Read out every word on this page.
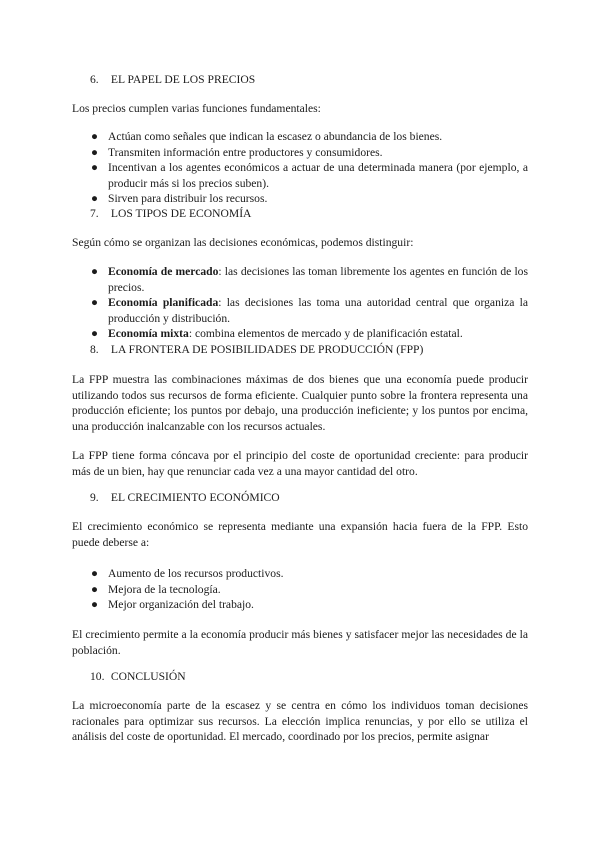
6. EL PAPEL DE LOS PRECIOS

Los precios cumplen varias funciones fundamentales:

● Actúan como señales que indican la escasez o abundancia de los bienes.
● Transmiten información entre productores y consumidores.
● Incentivan a los agentes económicos a actuar de una determinada manera (por ejemplo, a producir más si los precios suben).
● Sirven para distribuir los recursos.
7. LOS TIPOS DE ECONOMÍA

Según cómo se organizan las decisiones económicas, podemos distinguir:

● Economía de mercado: las decisiones las toman libremente los agentes en función de los precios.
● Economía planificada: las decisiones las toma una autoridad central que organiza la producción y distribución.
● Economía mixta: combina elementos de mercado y de planificación estatal.
8. LA FRONTERA DE POSIBILIDADES DE PRODUCCIÓN (FPP)

La FPP muestra las combinaciones máximas de dos bienes que una economía puede producir utilizando todos sus recursos de forma eficiente. Cualquier punto sobre la frontera representa una producción eficiente; los puntos por debajo, una producción ineficiente; y los puntos por encima, una producción inalcanzable con los recursos actuales.

La FPP tiene forma cóncava por el principio del coste de oportunidad creciente: para producir más de un bien, hay que renunciar cada vez a una mayor cantidad del otro.

9. EL CRECIMIENTO ECONÓMICO

El crecimiento económico se representa mediante una expansión hacia fuera de la FPP. Esto puede deberse a:

● Aumento de los recursos productivos.
● Mejora de la tecnología.
● Mejor organización del trabajo.

El crecimiento permite a la economía producir más bienes y satisfacer mejor las necesidades de la población.

10. CONCLUSIÓN

La microeconomía parte de la escasez y se centra en cómo los individuos toman decisiones racionales para optimizar sus recursos. La elección implica renuncias, y por ello se utiliza el análisis del coste de oportunidad. El mercado, coordinado por los precios, permite asignar
